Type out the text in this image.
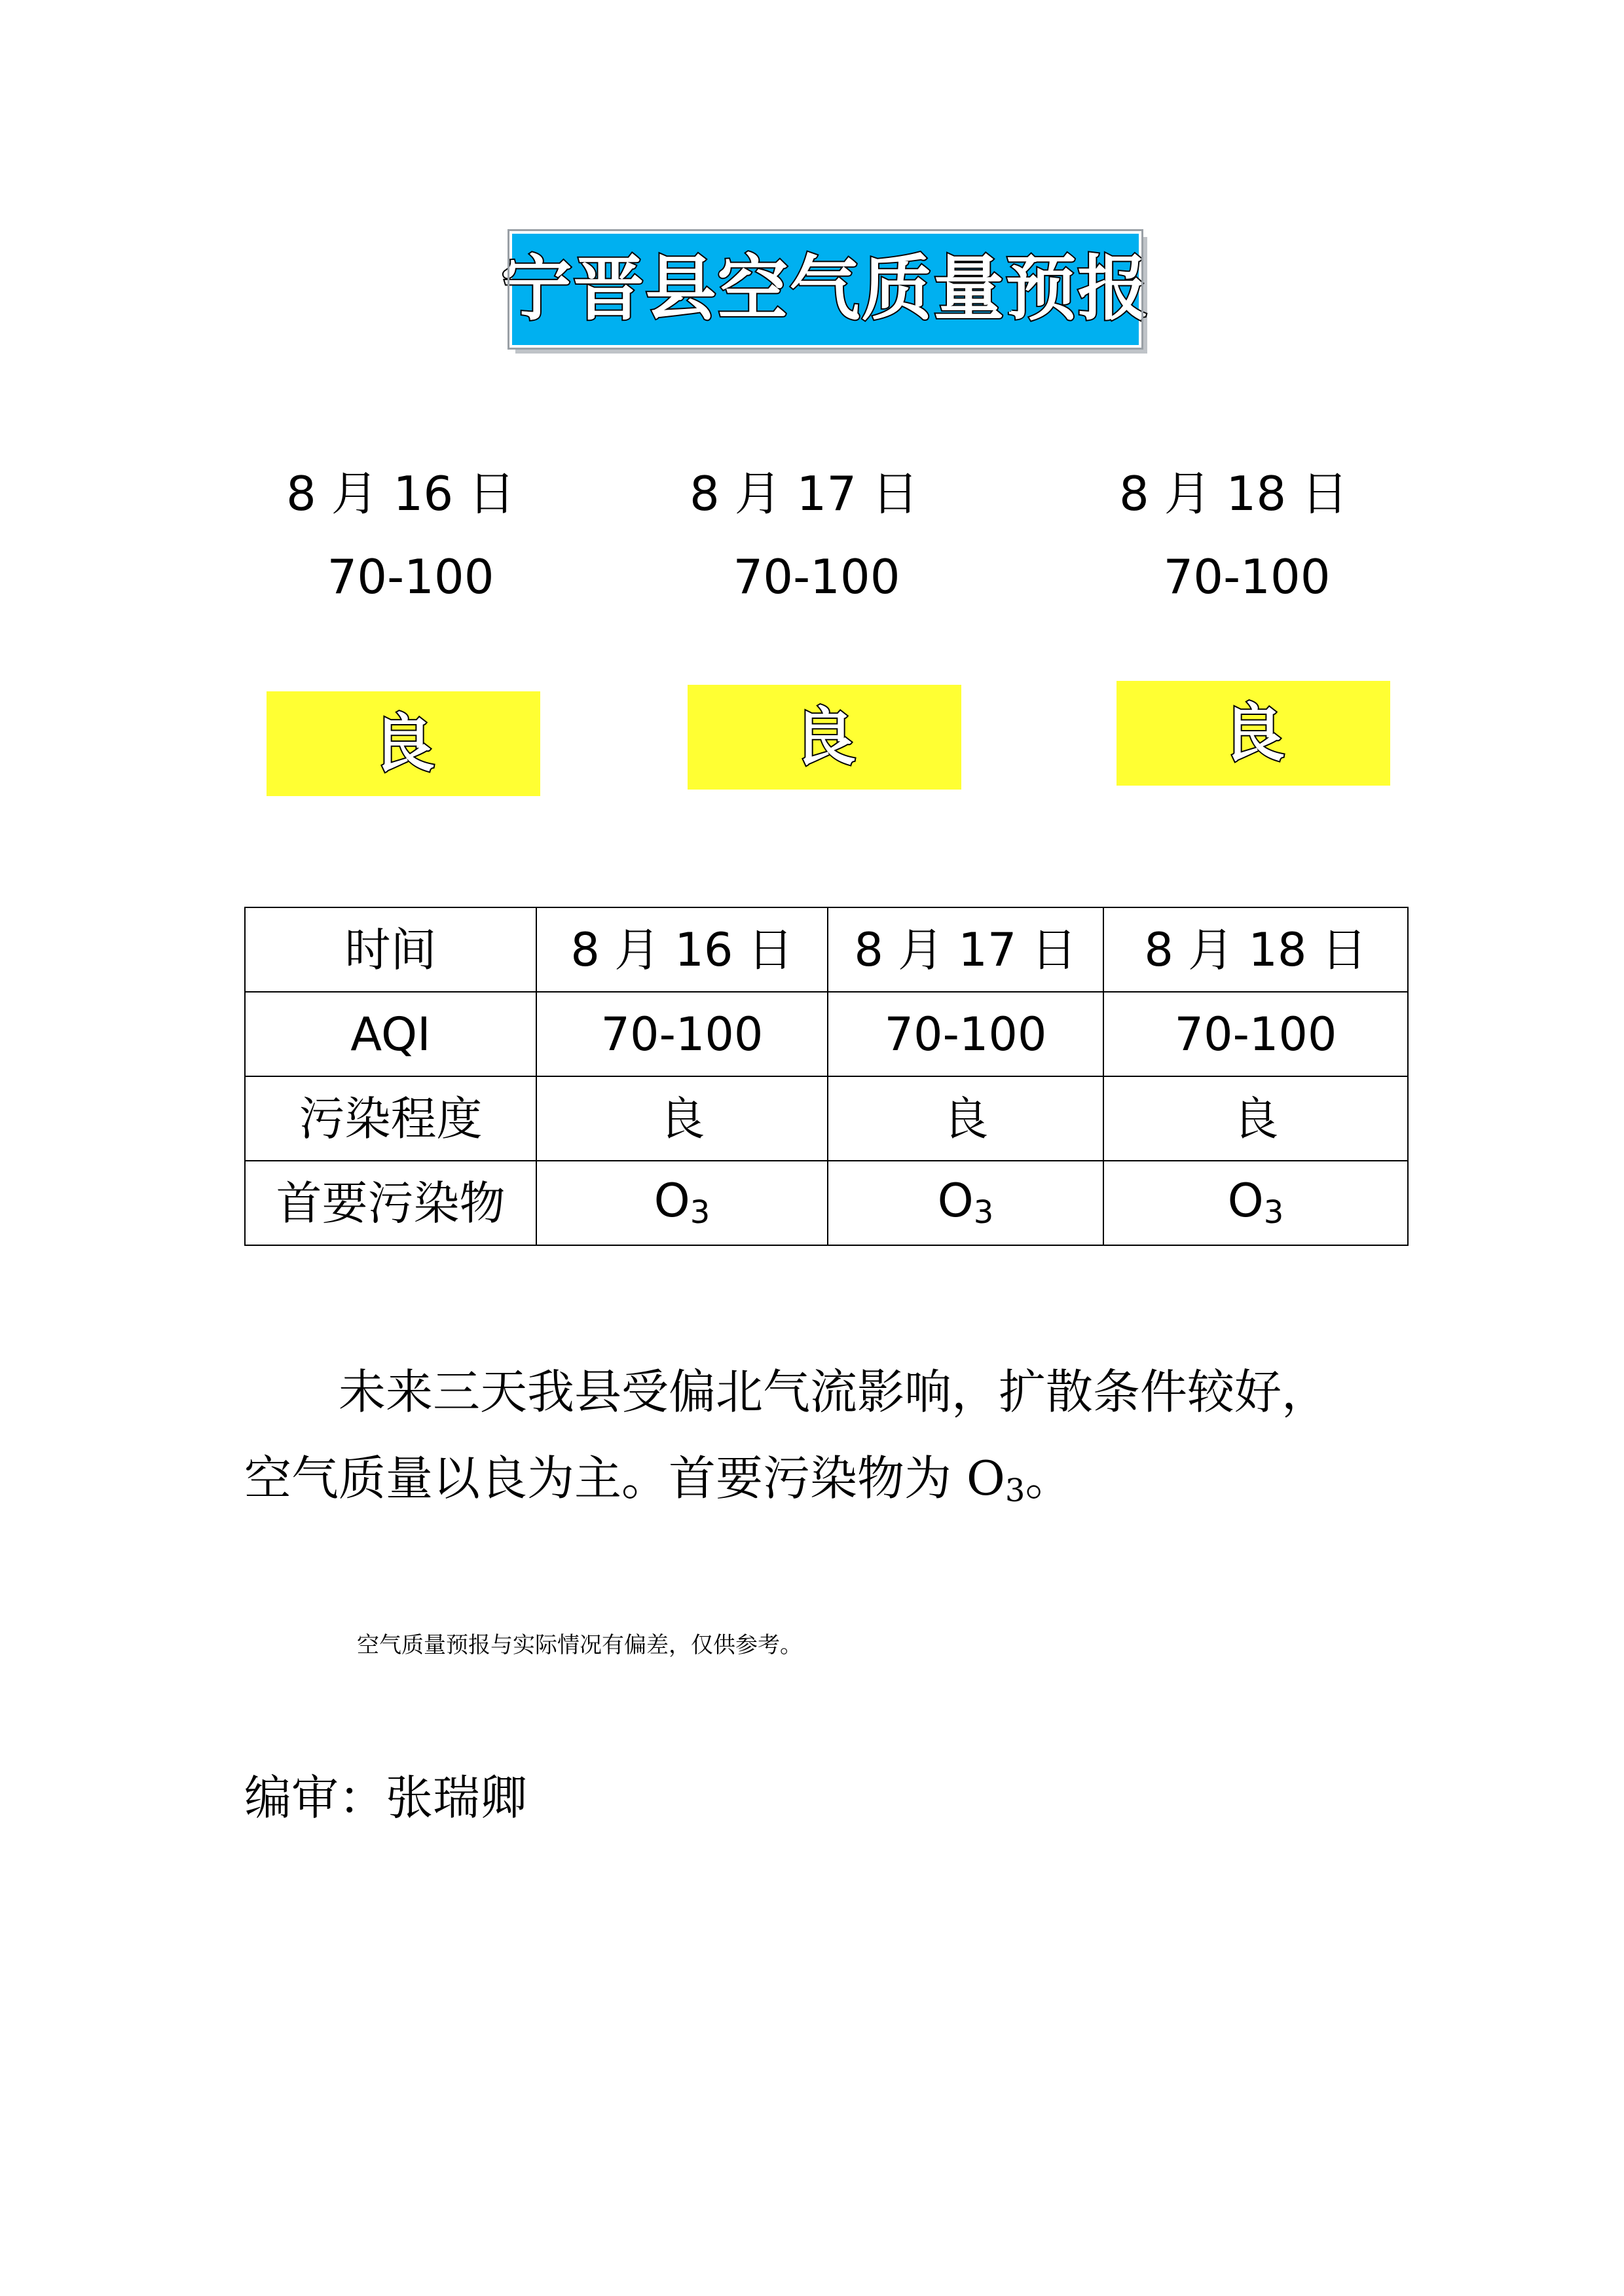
宁晋县空气质量预报
8 月 16 日	8 月 17 日	8 月 18 日
70-100	70-100	70-100
良	良	良
时间	8 月 16 日	8 月 17 日	8 月 18 日
AQI	70-100	70-100	70-100
污染程度	良	良	良
首要污染物	$O_3$	$O_3$	$O_3$
未来三天我县受偏北气流影响，扩散条件较好，
空气质量以良为主。首要污染物为 $O_3$。
空气质量预报与实际情况有偏差，仅供参考。
编审：张瑞卿
